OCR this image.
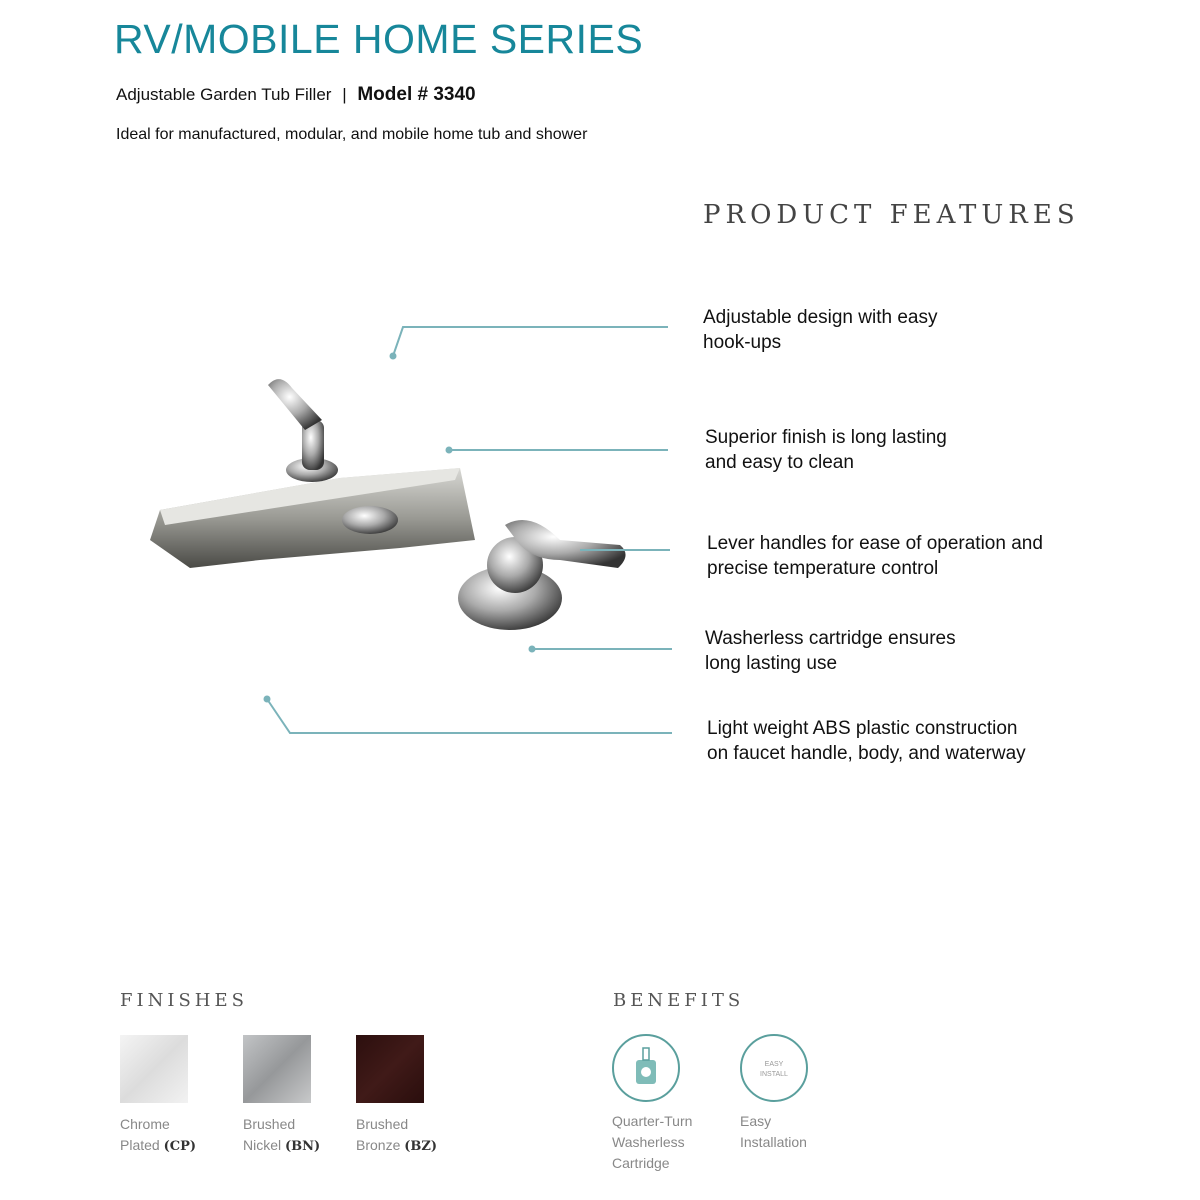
RV/MOBILE HOME SERIES
Adjustable Garden Tub Filler | Model # 3340
Ideal for manufactured, modular, and mobile home tub and shower
PRODUCT FEATURES
EASY
INSTALL
Adjustable design with easy
hook-ups
Superior finish is long lasting
and easy to clean
Lever handles for ease of operation and
precise temperature control
Washerless cartridge ensures
long lasting use
Light weight ABS plastic construction
on faucet handle, body, and waterway
FINISHES	BENEFITS
Chrome
Plated (CP)
Brushed
Nickel (BN)
Brushed
Bronze (BZ)
Quarter-Turn
Washerless
Cartridge
Easy
Installation
